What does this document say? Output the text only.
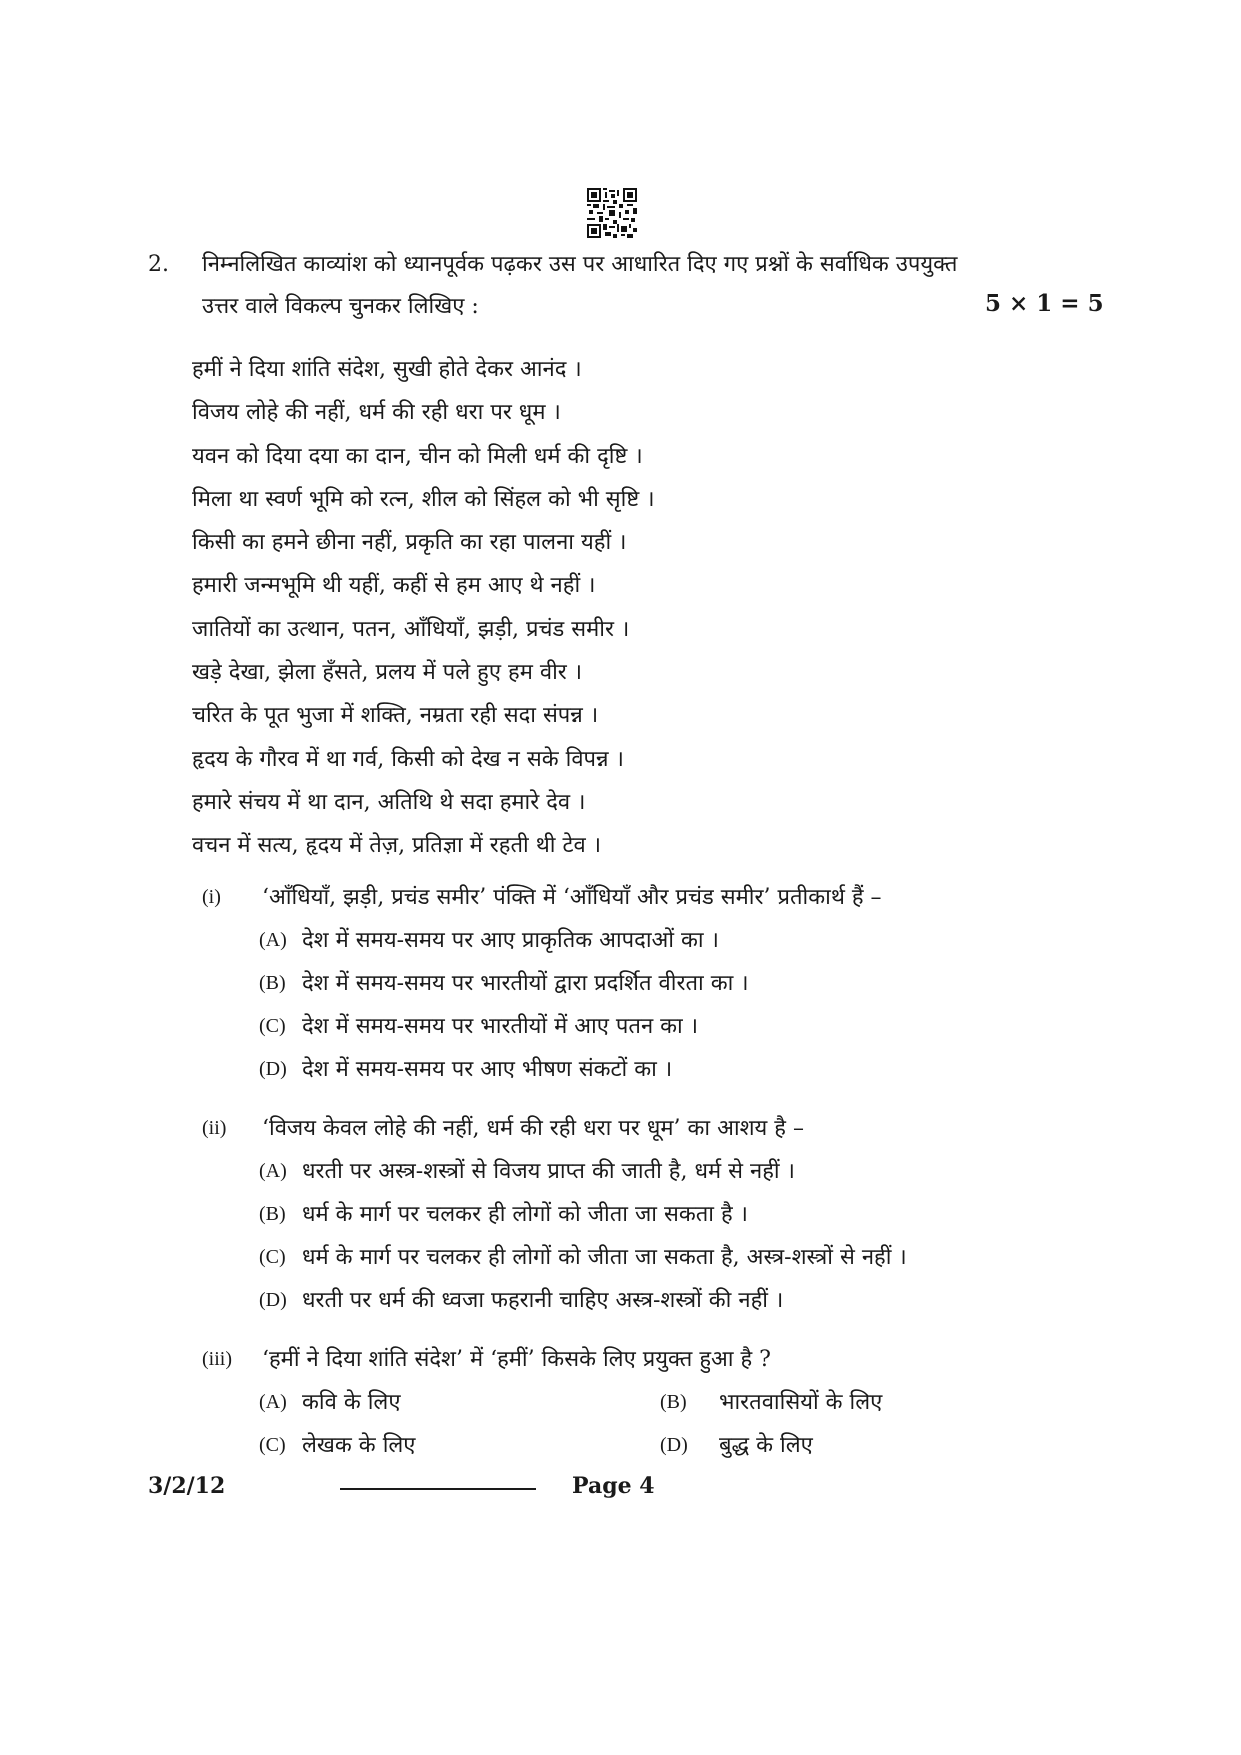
2. निम्नलिखित काव्यांश को ध्यानपूर्वक पढ़कर उस पर आधारित दिए गए प्रश्नों के सर्वाधिक उपयुक्त
उत्तर वाले विकल्प चुनकर लिखिए :	5 × 1 = 5
हमीं ने दिया शांति संदेश, सुखी होते देकर आनंद ।
विजय लोहे की नहीं, धर्म की रही धरा पर धूम ।
यवन को दिया दया का दान, चीन को मिली धर्म की दृष्टि ।
मिला था स्वर्ण भूमि को रत्न, शील को सिंहल को भी सृष्टि ।
किसी का हमने छीना नहीं, प्रकृति का रहा पालना यहीं ।
हमारी जन्मभूमि थी यहीं, कहीं से हम आए थे नहीं ।
जातियों का उत्थान, पतन, आँधियाँ, झड़ी, प्रचंड समीर ।
खड़े देखा, झेला हँसते, प्रलय में पले हुए हम वीर ।
चरित के पूत भुजा में शक्ति, नम्रता रही सदा संपन्न ।
हृदय के गौरव में था गर्व, किसी को देख न सके विपन्न ।
हमारे संचय में था दान, अतिथि थे सदा हमारे देव ।
वचन में सत्य, हृदय में तेज़, प्रतिज्ञा में रहती थी टेव ।
(i)	‘आँधियाँ, झड़ी, प्रचंड समीर’ पंक्ति में ‘आँधियाँ और प्रचंड समीर’ प्रतीकार्थ हैं –
(A) देश में समय-समय पर आए प्राकृतिक आपदाओं का ।
(B) देश में समय-समय पर भारतीयों द्वारा प्रदर्शित वीरता का ।
(C) देश में समय-समय पर भारतीयों में आए पतन का ।
(D) देश में समय-समय पर आए भीषण संकटों का ।
(ii)	‘विजय केवल लोहे की नहीं, धर्म की रही धरा पर धूम’ का आशय है –
(A) धरती पर अस्त्र-शस्त्रों से विजय प्राप्त की जाती है, धर्म से नहीं ।
(B) धर्म के मार्ग पर चलकर ही लोगों को जीता जा सकता है ।
(C) धर्म के मार्ग पर चलकर ही लोगों को जीता जा सकता है, अस्त्र-शस्त्रों से नहीं ।
(D) धरती पर धर्म की ध्वजा फहरानी चाहिए अस्त्र-शस्त्रों की नहीं ।
(iii)	‘हमीं ने दिया शांति संदेश’ में ‘हमीं’ किसके लिए प्रयुक्त हुआ है ?
(A) कवि के लिए	(B) भारतवासियों के लिए
(C) लेखक के लिए	(D) बुद्ध के लिए
3/2/12	Page 4
